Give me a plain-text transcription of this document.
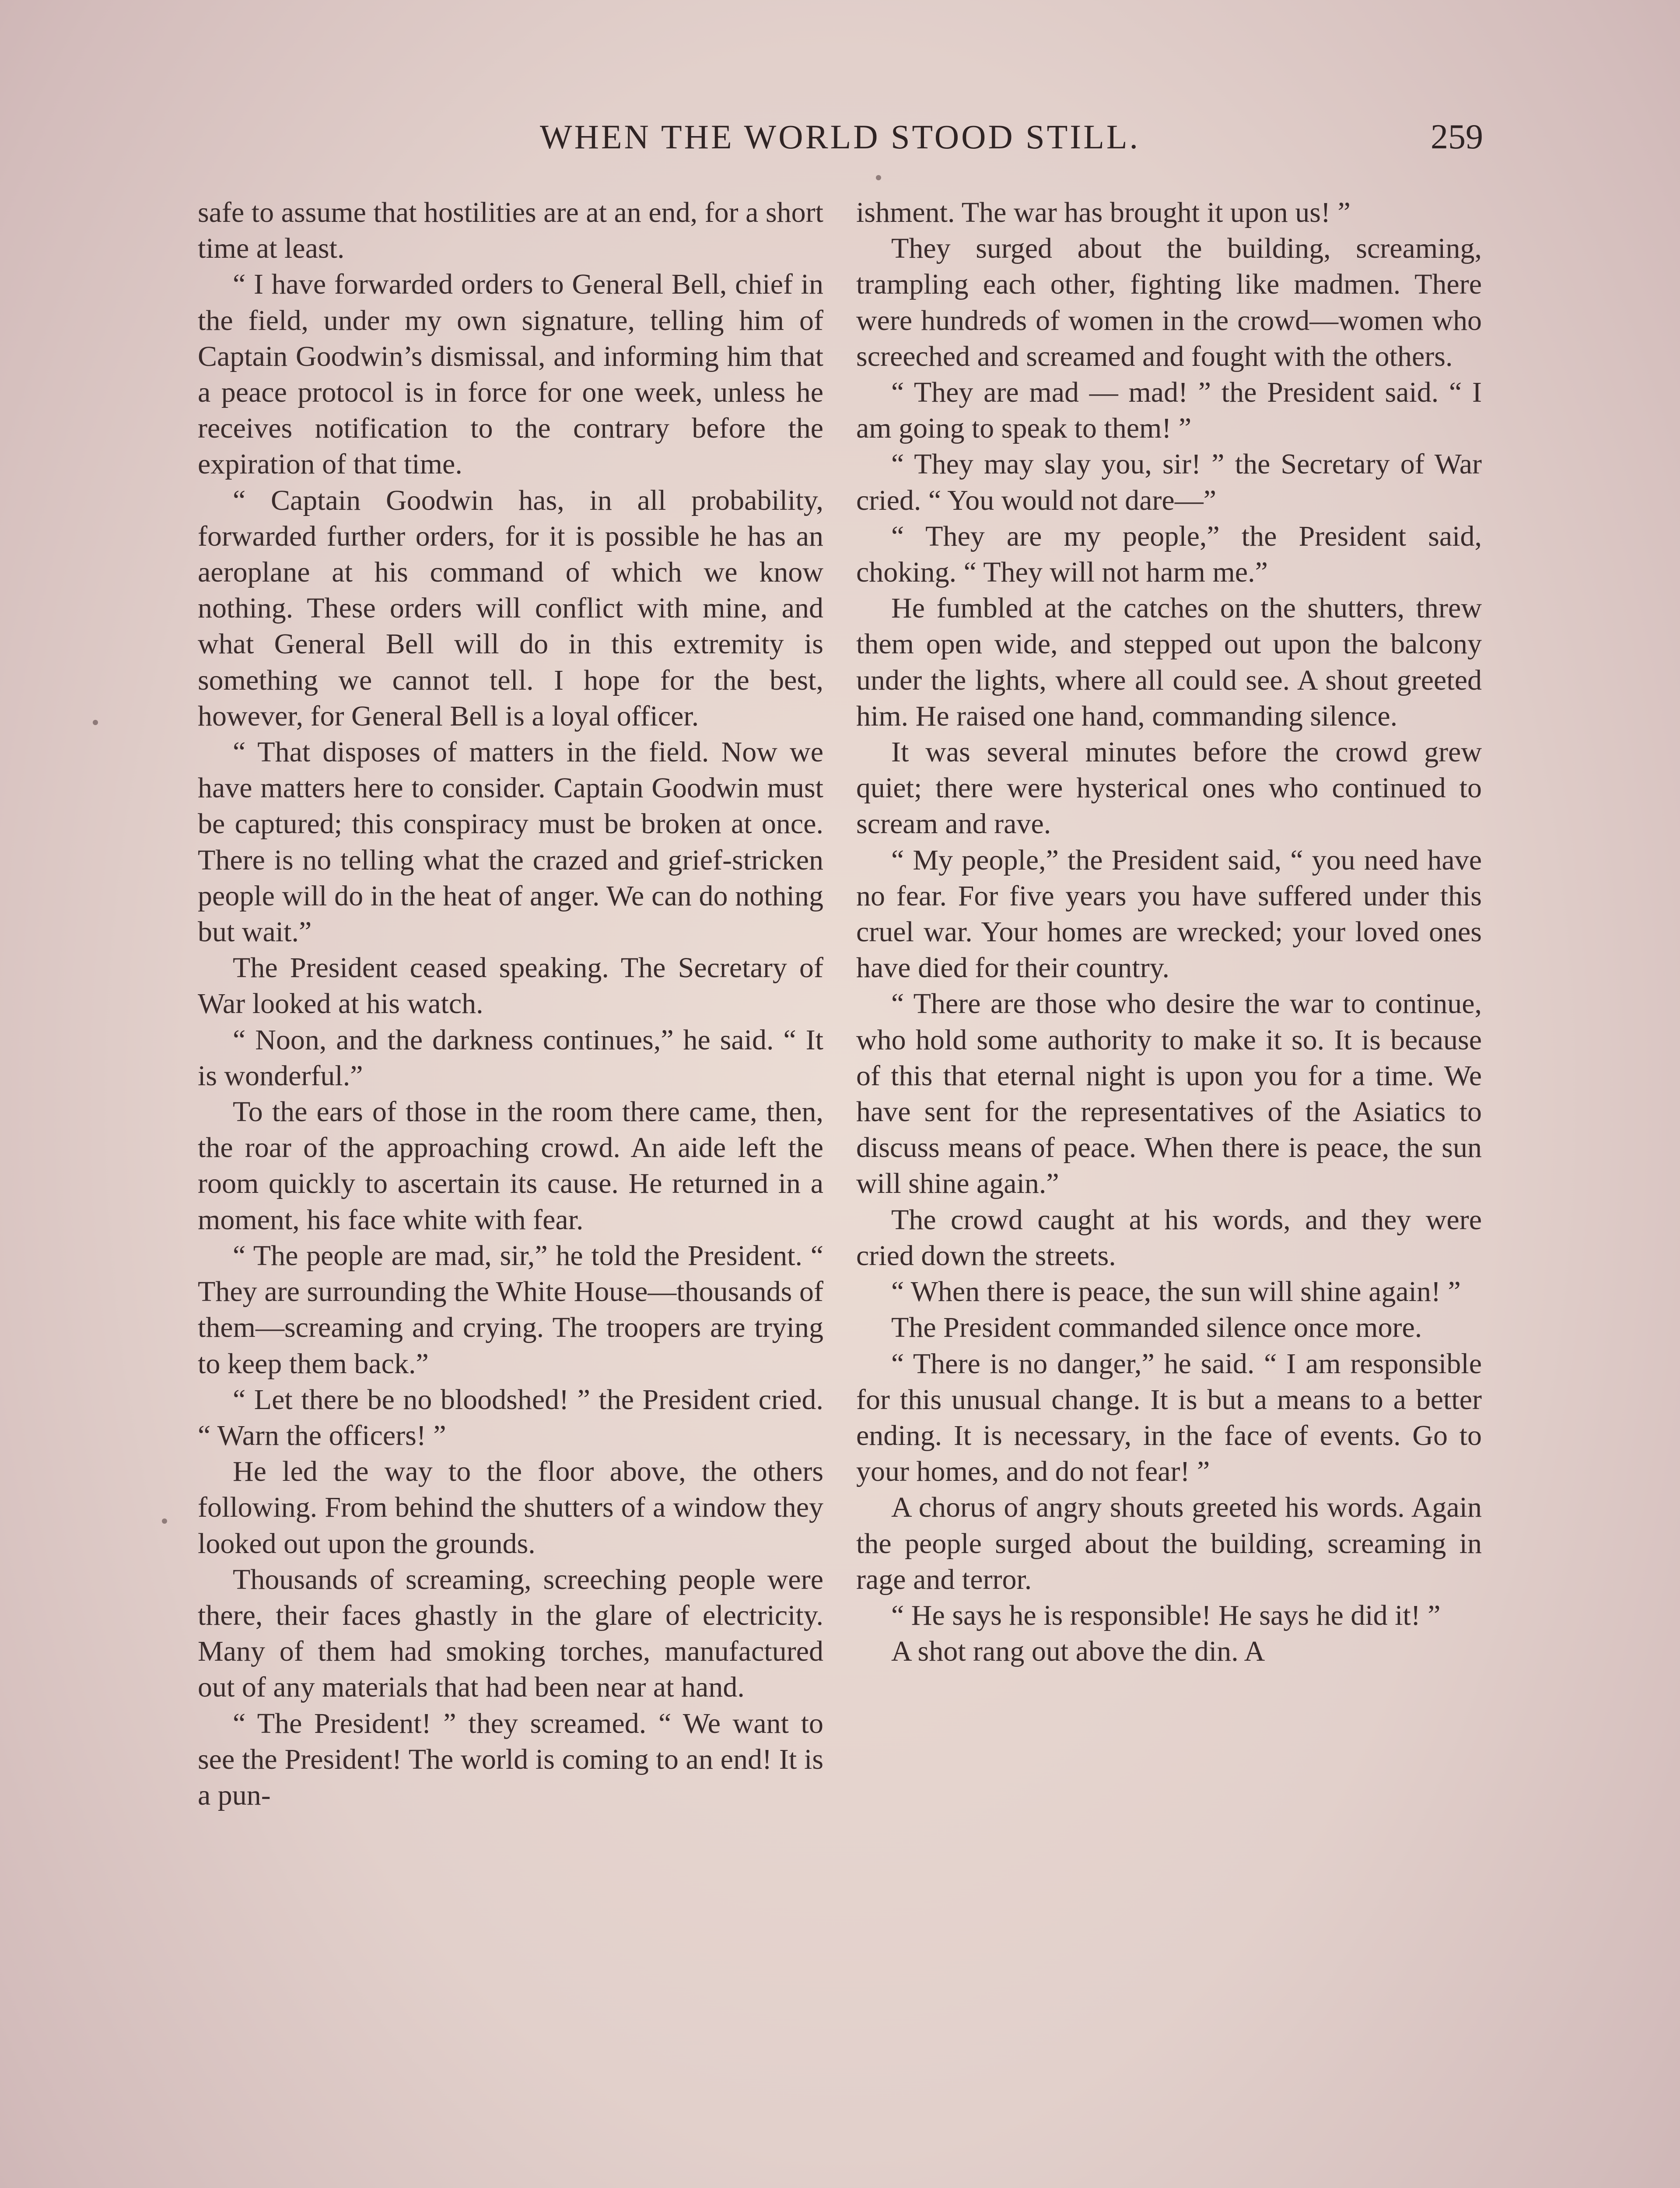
WHEN THE WORLD STOOD STILL.	259

safe to assume that hostilities are at an end, for a short time at least.

“ I have forwarded orders to General Bell, chief in the field, under my own signature, telling him of Captain Goodwin’s dismissal, and informing him that a peace protocol is in force for one week, unless he receives notification to the contrary before the expiration of that time.

“ Captain Goodwin has, in all probability, forwarded further orders, for it is possible he has an aeroplane at his command of which we know nothing. These orders will conflict with mine, and what General Bell will do in this extremity is something we cannot tell. I hope for the best, however, for General Bell is a loyal officer.

“ That disposes of matters in the field. Now we have matters here to consider. Captain Goodwin must be captured; this conspiracy must be broken at once. There is no telling what the crazed and grief-stricken people will do in the heat of anger. We can do nothing but wait.”

The President ceased speaking. The Secretary of War looked at his watch.

“ Noon, and the darkness continues,” he said. “ It is wonderful.”

To the ears of those in the room there came, then, the roar of the approaching crowd. An aide left the room quickly to ascertain its cause. He returned in a moment, his face white with fear.

“ The people are mad, sir,” he told the President. “ They are surrounding the White House—thousands of them—screaming and crying. The troopers are trying to keep them back.”

“ Let there be no bloodshed! ” the President cried. “ Warn the officers! ”

He led the way to the floor above, the others following. From behind the shutters of a window they looked out upon the grounds.

Thousands of screaming, screeching people were there, their faces ghastly in the glare of electricity. Many of them had smoking torches, manufactured out of any materials that had been near at hand.

“ The President! ” they screamed. “ We want to see the President! The world is coming to an end! It is a pun-

ishment. The war has brought it upon us! ”

They surged about the building, screaming, trampling each other, fighting like madmen. There were hundreds of women in the crowd—women who screeched and screamed and fought with the others.

“ They are mad — mad! ” the President said. “ I am going to speak to them! ”

“ They may slay you, sir! ” the Secretary of War cried. “ You would not dare—”

“ They are my people,” the President said, choking. “ They will not harm me.”

He fumbled at the catches on the shutters, threw them open wide, and stepped out upon the balcony under the lights, where all could see. A shout greeted him. He raised one hand, commanding silence.

It was several minutes before the crowd grew quiet; there were hysterical ones who continued to scream and rave.

“ My people,” the President said, “ you need have no fear. For five years you have suffered under this cruel war. Your homes are wrecked; your loved ones have died for their country.

“ There are those who desire the war to continue, who hold some authority to make it so. It is because of this that eternal night is upon you for a time. We have sent for the representatives of the Asiatics to discuss means of peace. When there is peace, the sun will shine again.”

The crowd caught at his words, and they were cried down the streets.

“ When there is peace, the sun will shine again! ”

The President commanded silence once more.

“ There is no danger,” he said. “ I am responsible for this unusual change. It is but a means to a better ending. It is necessary, in the face of events. Go to your homes, and do not fear! ”

A chorus of angry shouts greeted his words. Again the people surged about the building, screaming in rage and terror.

“ He says he is responsible! He says he did it! ”

A shot rang out above the din. A
